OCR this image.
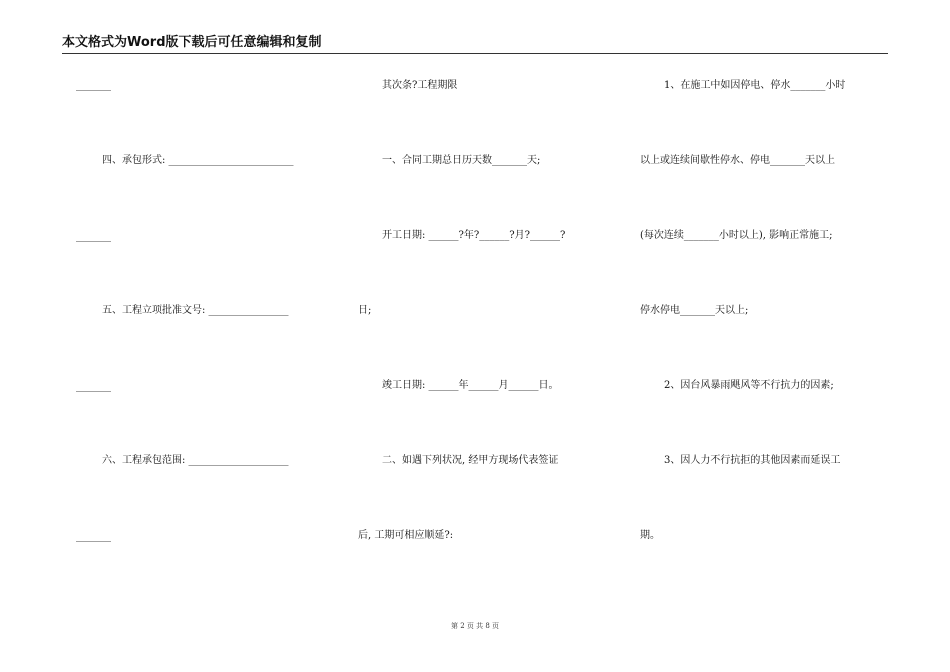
本文格式为Word版下载后可任意编辑和复制
_______
四、承包形式: _________________________
_______
五、工程立项批准文号: ________________
_______
六、工程承包范围: ____________________
_______
其次条?工程期限
一、合同工期总日历天数_______天;
开工日期: ______?年?______?月?______?
日;
竣工日期: ______年______月______日。
二、如遇下列状况, 经甲方现场代表签证
后, 工期可相应顺延?:
1、在施工中如因停电、停水_______小时
以上或连续间歇性停水、停电_______天以上
(每次连续_______小时以上), 影响正常施工;
停水停电_______天以上;
2、因台风暴雨飓风等不行抗力的因素;
3、因人力不行抗拒的其他因素而延误工
期。
第 2 页 共 8 页
